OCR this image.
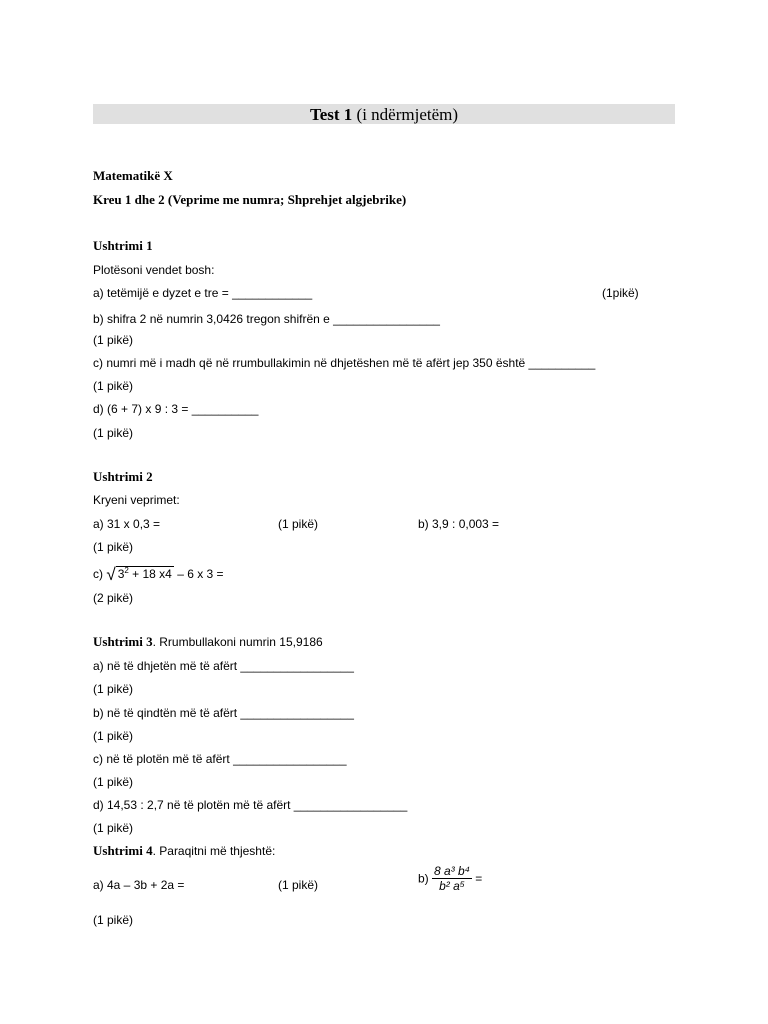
Test 1 (i ndërmjetëm)
Matematikë X
Kreu 1 dhe 2 (Veprime me numra; Shprehjet algjebrike)
Ushtrimi 1
Plotësoni vendet bosh:
a) tetëmijë e dyzet e tre = ____________	(1pikë)
b) shifra 2 në numrin 3,0426 tregon shifrën e ________________
(1 pikë)
c) numri më i madh që në rrumbullakimin në dhjetëshen më të afërt jep 350 është __________
(1 pikë)
d) (6 + 7) x 9 : 3 = __________
(1 pikë)
Ushtrimi 2
Kryeni veprimet:
a) 31 x 0,3 =	(1 pikë)	b) 3,9 : 0,003 =
(1 pikë)
c) √ $3^2 + 18$ x4 – 6 x 3 =
(2 pikë)
Ushtrimi 3. Rrumbullakoni numrin 15,9186
a) në të dhjetën më të afërt _________________
(1 pikë)
b) në të qindtën më të afërt _________________
(1 pikë)
c) në të plotën më të afërt _________________
(1 pikë)
d) 14,53 : 2,7 në të plotën më të afërt _________________
(1 pikë)
Ushtrimi 4. Paraqitni më thjeshtë:
a) 4a – 3b + 2a =	(1 pikë)	$b) \frac{\text{8 a³ b⁴}}{\text{b² a⁵}}$ =
(1 pikë)
